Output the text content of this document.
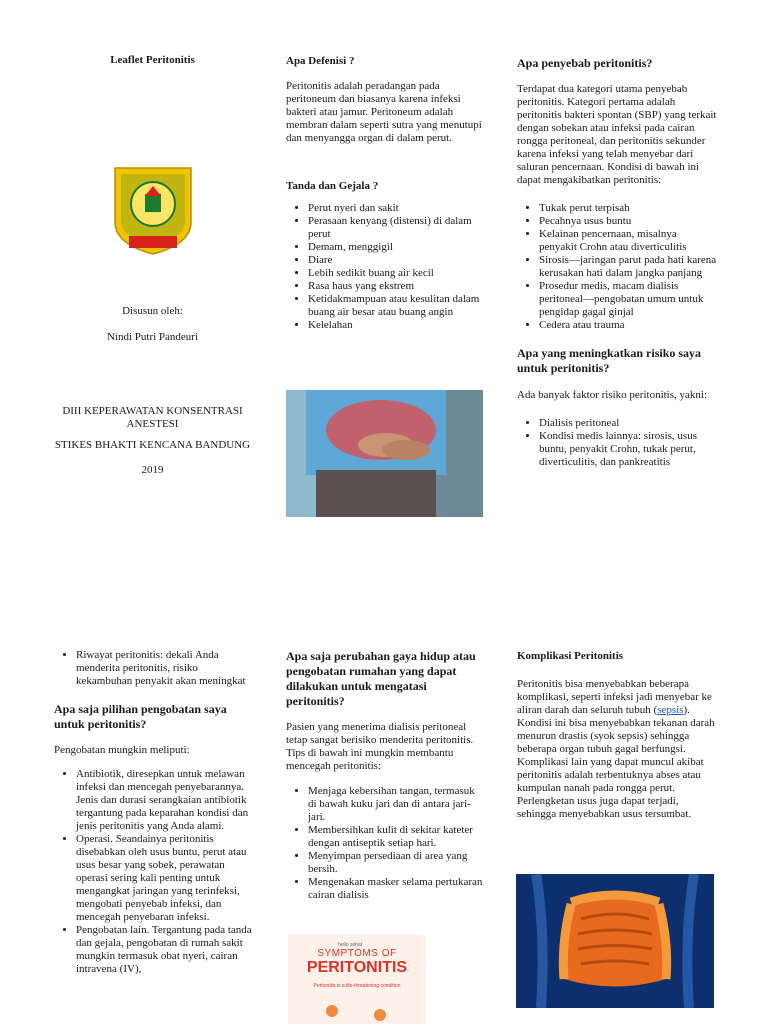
Leaflet Peritonitis
Disusun oleh:
Nindi Putri Pandeuri
DIII KEPERAWATAN KONSENTRASI ANESTESI
STIKES BHAKTI KENCANA BANDUNG
2019
Apa Defenisi ?

Peritonitis adalah peradangan pada peritoneum dan biasanya karena infeksi bakteri atau jamur. Peritoneum adalah membran dalam seperti sutra yang menutupi dan menyangga organ di dalam perut.

Tanda dan Gejala ?
• Perut nyeri dan sakit
• Perasaan kenyang (distensi) di dalam perut
• Demam, menggigil
• Diare
• Lebih sedikit buang air kecil
• Rasa haus yang ekstrem
• Ketidakmampuan atau kesulitan dalam buang air besar atau buang angin
• Kelelahan
Apa penyebab peritonitis?

Terdapat dua kategori utama penyebab peritonitis. Kategori pertama adalah peritonitis bakteri spontan (SBP) yang terkait dengan sobekan atau infeksi pada cairan rongga peritoneal, dan peritonitis sekunder karena infeksi yang telah menyebar dari saluran pencernaan. Kondisi di bawah ini dapat mengakibatkan peritonitis:

• Tukak perut terpisah
• Pecahnya usus buntu
• Kelainan pencernaan, misalnya penyakit Crohn atau diverticulitis
• Sirosis—jaringan parut pada hati karena kerusakan hati dalam jangka panjang
• Prosedur medis, macam dialisis peritoneal—pengobatan umum untuk pengidap gagal ginjal
• Cedera atau trauma
Apa yang meningkatkan risiko saya untuk peritonitis?

Ada banyak faktor risiko peritonitis, yakni:

• Dialisis peritoneal
• Kondisi medis lainnya: sirosis, usus buntu, penyakit Crohn, tukak perut, diverticulitis, dan pankreatitis
• Riwayat peritonitis: dekali Anda menderita peritonitis, risiko kekambuhan penyakit akan meningkat
Apa saja pilihan pengobatan saya untuk peritonitis?

Pengobatan mungkin meliputi:

• Antibiotik, diresepkan untuk melawan infeksi dan mencegah penyebarannya. Jenis dan durasi serangkaian antibiotik tergantung pada keparahan kondisi dan jenis peritonitis yang Anda alami.
• Operasi. Seandainya peritonitis disebabkan oleh usus buntu, perut atau usus besar yang sobek, perawatan operasi sering kali penting untuk mengangkat jaringan yang terinfeksi, mengobati penyebab infeksi, dan mencegah penyebaran infeksi.
• Pengobatan lain. Tergantung pada tanda dan gejala, pengobatan di rumah sakit mungkin termasuk obat nyeri, cairan intravena (IV),
Apa saja perubahan gaya hidup atau pengobatan rumahan yang dapat dilakukan untuk mengatasi peritonitis?

Pasien yang menerima dialisis peritoneal tetap sangat berisiko menderita peritonitis. Tips di bawah ini mungkin membantu mencegah peritonitis:

• Menjaga kebersihan tangan, termasuk di bawah kuku jari dan di antara jari-jari.
• Membersihkan kulit di sekitar kateter dengan antiseptik setiap hari.
• Menyimpan persediaan di area yang bersih.
• Mengenakan masker selama pertukaran cairan dialisis
hello sehat
SYMPTOMS OF
PERITONITIS
Peritonitis is a life-threatening condition
Komplikasi Peritonitis

Peritonitis bisa menyebabkan beberapa komplikasi, seperti infeksi jadi menyebar ke aliran darah dan seluruh tubuh (sepsis). Kondisi ini bisa menyebabkan tekanan darah menurun drastis (syok sepsis) sehingga beberapa organ tubuh gagal berfungsi. Komplikasi lain yang dapat muncul akibat peritonitis adalah terbentuknya abses atau kumpulan nanah pada rongga perut. Perlengketan usus juga dapat terjadi, sehingga menyebabkan usus tersumbat.
